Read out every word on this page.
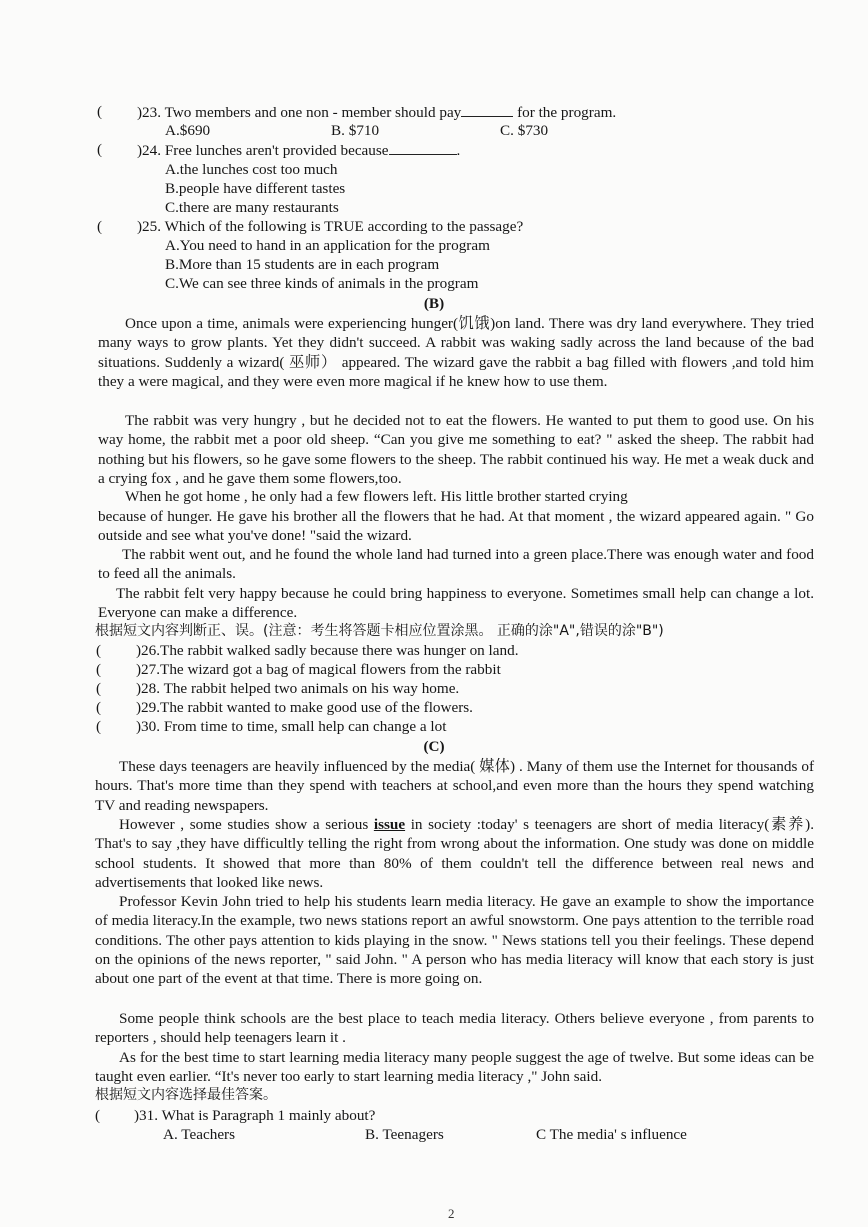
( )23. Two members and one non - member should pay	for the program.
A.$690	B. $710	C. $730
( )24. Free lunches aren't provided because	.
A.the lunches cost too much
B.people have different tastes
C.there are many restaurants
( )25. Which of the following is TRUE according to the passage?
A.You need to hand in an application for the program
B.More than 15 students are in each program
C.We can see three kinds of animals in the program
(B)
Once upon a time, animals were experiencing hunger(饥饿)on land. There was dry land everywhere. They tried many ways to grow plants. Yet they didn't succeed. A rabbit was waking sadly across the land because of the bad situations. Suddenly a wizard( 巫师） appeared. The wizard gave the rabbit a bag filled with flowers ,and told him they a were magical, and they were even more magical if he knew how to use them.
The rabbit was very hungry , but he decided not to eat the flowers. He wanted to put them to good use. On his way home, the rabbit met a poor old sheep. “Can you give me something to eat? " asked the sheep. The rabbit had nothing but his flowers, so he gave some flowers to the sheep. The rabbit continued his way. He met a weak duck and a crying fox , and he gave them some flowers,too.
When he got home , he only had a few flowers left. His little brother started crying
because of hunger. He gave his brother all the flowers that he had. At that moment , the wizard appeared again. " Go outside and see what you've done! "said the wizard.
The rabbit went out, and he found the whole land had turned into a green place.There was enough water and food to feed all the animals.
The rabbit felt very happy because he could bring happiness to everyone. Sometimes small help can change a lot. Everyone can make a difference.
根据短文内容判断正、误。(注意：考生将答题卡相应位置涂黑。 正确的涂"A",错误的涂"B")
( )26.The rabbit walked sadly because there was hunger on land.
( )27.The wizard got a bag of magical flowers from the rabbit
( )28. The rabbit helped two animals on his way home.
( )29.The rabbit wanted to make good use of the flowers.
( )30. From time to time, small help can change a lot
(C)
These days teenagers are heavily influenced by the media( 媒体) . Many of them use the Internet for thousands of hours. That's more time than they spend with teachers at school,and even more than the hours they spend watching TV and reading newspapers.
However , some studies show a serious issue in society :today' s teenagers are short of media literacy(素养). That's to say ,they have difficultly telling the right from wrong about the information. One study was done on middle school students. It showed that more than 80% of them couldn't tell the difference between real news and advertisements that looked like news.
Professor Kevin John tried to help his students learn media literacy. He gave an example to show the importance of media literacy.In the example, two news stations report an awful snowstorm. One pays attention to the terrible road conditions. The other pays attention to kids playing in the snow. " News stations tell you their feelings. These depend on the opinions of the news reporter, " said John. " A person who has media literacy will know that each story is just about one part of the event at that time. There is more going on.
Some people think schools are the best place to teach media literacy. Others believe everyone , from parents to reporters , should help teenagers learn it .
As for the best time to start learning media literacy many people suggest the age of twelve. But some ideas can be taught even earlier. “It's never too early to start learning media literacy ," John said.
根据短文内容选择最佳答案。
( )31. What is Paragraph 1 mainly about?
A. Teachers	B. Teenagers	C The media' s influence
2
